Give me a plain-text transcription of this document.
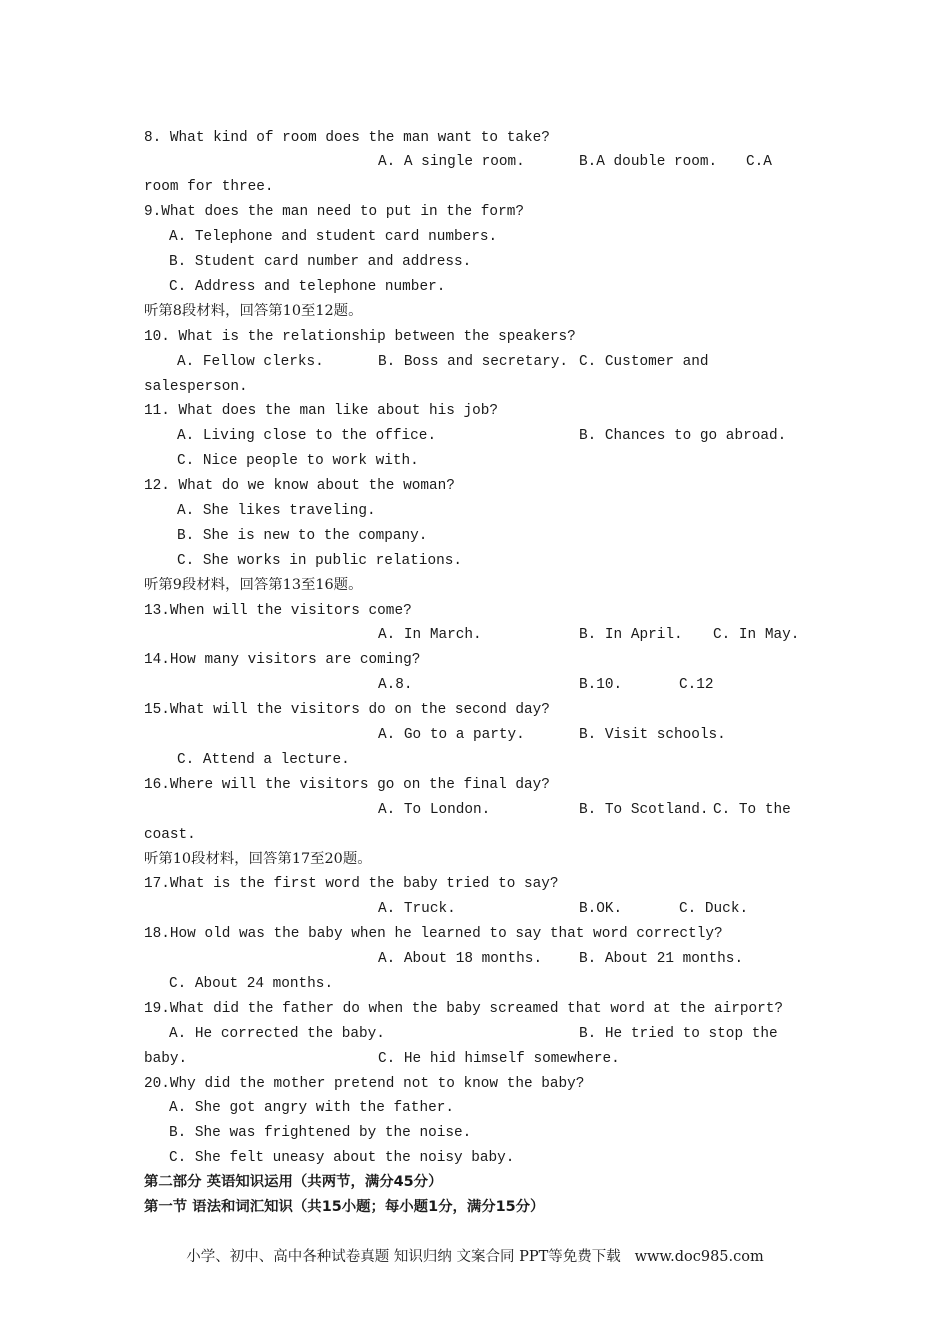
8. What kind of room does the man want to take?
A. A single room.	B.A double room. C.A
room for three.
9.What does the man need to put in the form?
A. Telephone and student card numbers.
B. Student card number and address.
C. Address and telephone number.
听第8段材料，回答第10至12题。
10. What is the relationship between the speakers?
A. Fellow clerks.	B. Boss and secretary. C. Customer and
salesperson.
11. What does the man like about his job?
A. Living close to the office.	B. Chances to go abroad.
C. Nice people to work with.
12. What do we know about the woman?
A. She likes traveling.
B. She is new to the company.
C. She works in public relations.
听第9段材料，回答第13至16题。
13.When will the visitors come?
A. In March.	B. In April. C. In May.
14.How many visitors are coming?
A.8.	B.10.	C.12
15.What will the visitors do on the second day?
A. Go to a party.	B. Visit schools.
C. Attend a lecture.
16.Where will the visitors go on the final day?
A. To London.	B. To Scotland. C. To the
coast.
听第10段材料，回答第17至20题。
17.What is the first word the baby tried to say?
A. Truck.	B.OK.	C. Duck.
18.How old was the baby when he learned to say that word correctly?
A. About 18 months.	B. About 21 months.
C. About 24 months.
19.What did the father do when the baby screamed that word at the airport?
A. He corrected the baby.	B. He tried to stop the
baby.	C. He hid himself somewhere.
20.Why did the mother pretend not to know the baby?
A. She got angry with the father.
B. She was frightened by the noise.
C. She felt uneasy about the noisy baby.
第二部分 英语知识运用（共两节，满分45分）
第一节 语法和词汇知识（共15小题；每小题1分，满分15分）
小学、初中、高中各种试卷真题 知识归纳 文案合同 PPT等免费下载   www.doc985.com
